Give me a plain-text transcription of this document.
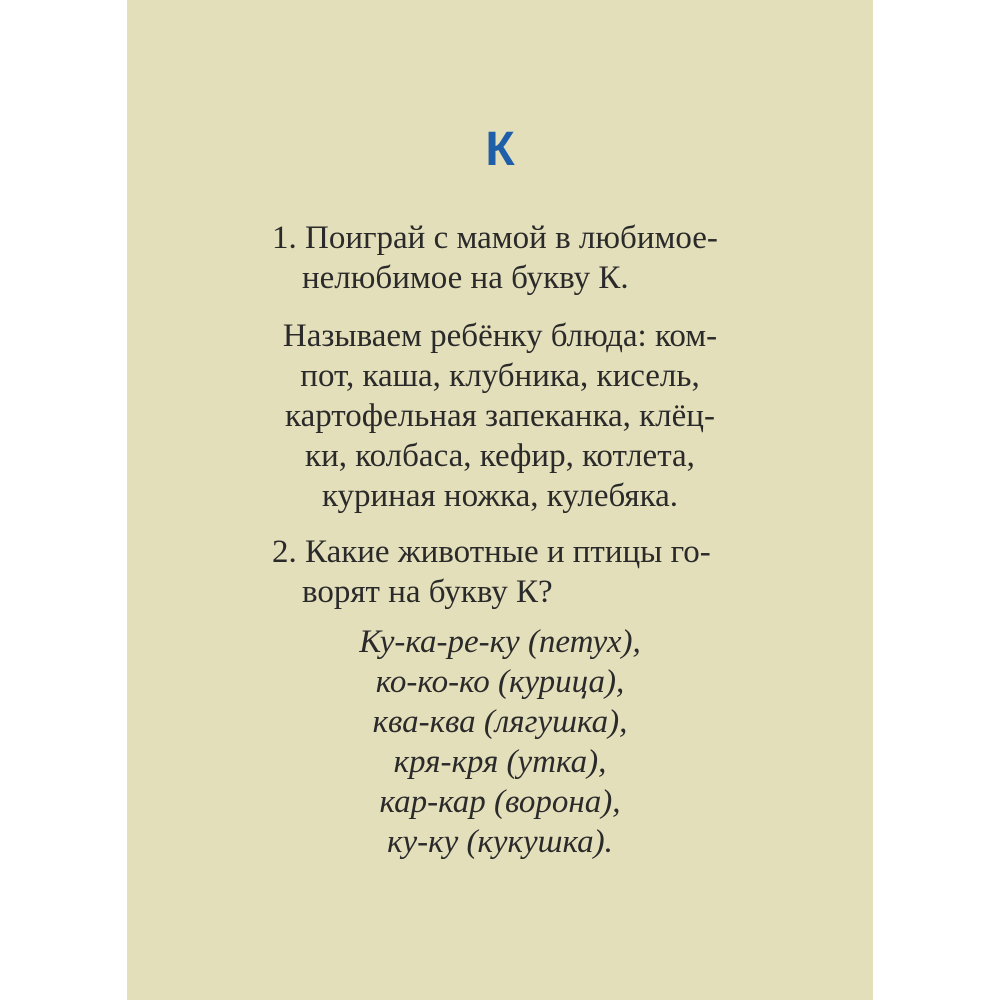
К
1. Поиграй с мамой в любимое-
нелюбимое на букву К.
Называем ребёнку блюда: ком-
пот, каша, клубника, кисель,
картофельная запеканка, клёц-
ки, колбаса, кефир, котлета,
куриная ножка, кулебяка.
2. Какие животные и птицы го-
ворят на букву К?
Ку-ка-ре-ку (петух),
ко-ко-ко (курица),
ква-ква (лягушка),
кря-кря (утка),
кар-кар (ворона),
ку-ку (кукушка).
